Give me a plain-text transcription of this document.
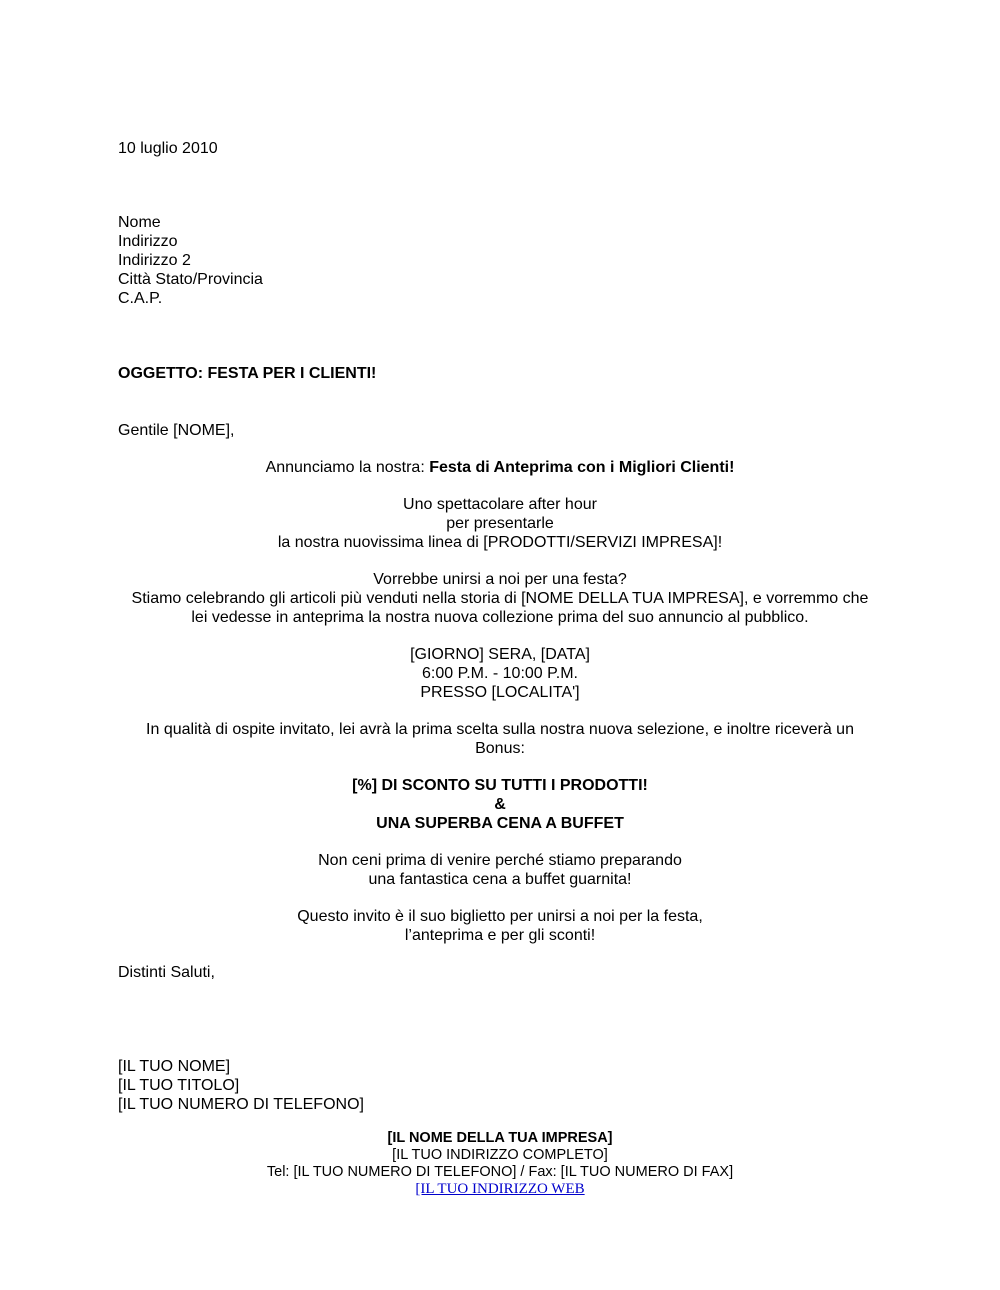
10 luglio 2010
Nome
Indirizzo
Indirizzo 2
Città Stato/Provincia
C.A.P.
OGGETTO: FESTA PER I CLIENTI!
Gentile [NOME],
Annunciamo la nostra: Festa di Anteprima con i Migliori Clienti!
Uno spettacolare after hour
per presentarle
la nostra nuovissima linea di [PRODOTTI/SERVIZI IMPRESA]!
Vorrebbe unirsi a noi per una festa?
Stiamo celebrando gli articoli più venduti nella storia di [NOME DELLA TUA IMPRESA], e vorremmo che
lei vedesse in anteprima la nostra nuova collezione prima del suo annuncio al pubblico.
[GIORNO] SERA, [DATA]
6:00 P.M. - 10:00 P.M.
PRESSO [LOCALITA']
In qualità di ospite invitato, lei avrà la prima scelta sulla nostra nuova selezione, e inoltre riceverà un
Bonus:
[%] DI SCONTO SU TUTTI I PRODOTTI!
&
UNA SUPERBA CENA A BUFFET
Non ceni prima di venire perché stiamo preparando
una fantastica cena a buffet guarnita!
Questo invito è il suo biglietto per unirsi a noi per la festa,
l’anteprima e per gli sconti!
Distinti Saluti,
[IL TUO NOME]
[IL TUO TITOLO]
[IL TUO NUMERO DI TELEFONO]
[IL NOME DELLA TUA IMPRESA]
[IL TUO INDIRIZZO COMPLETO]
Tel: [IL TUO NUMERO DI TELEFONO] / Fax: [IL TUO NUMERO DI FAX]
[IL TUO INDIRIZZO WEB
